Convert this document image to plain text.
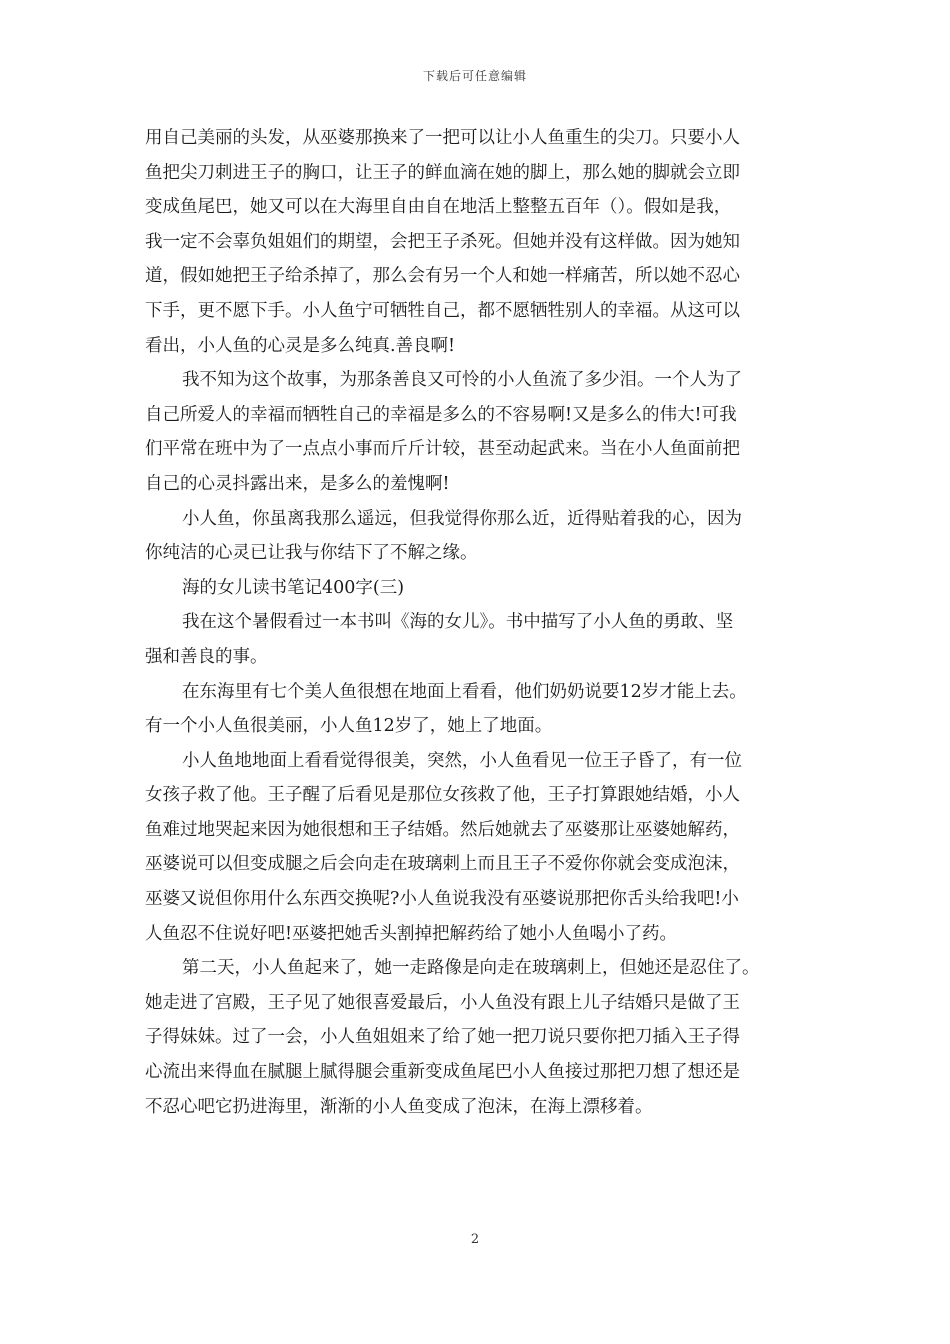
下载后可任意编辑
用自己美丽的头发，从巫婆那换来了一把可以让小人鱼重生的尖刀。只要小人
鱼把尖刀刺进王子的胸口，让王子的鲜血滴在她的脚上，那么她的脚就会立即
变成鱼尾巴，她又可以在大海里自由自在地活上整整五百年（）。假如是我，
我一定不会辜负姐姐们的期望，会把王子杀死。但她并没有这样做。因为她知
道，假如她把王子给杀掉了，那么会有另一个人和她一样痛苦，所以她不忍心
下手，更不愿下手。小人鱼宁可牺牲自己，都不愿牺牲别人的幸福。从这可以
看出，小人鱼的心灵是多么纯真.善良啊!
我不知为这个故事，为那条善良又可怜的小人鱼流了多少泪。一个人为了
自己所爱人的幸福而牺牲自己的幸福是多么的不容易啊!又是多么的伟大!可我
们平常在班中为了一点点小事而斤斤计较，甚至动起武来。当在小人鱼面前把
自己的心灵抖露出来，是多么的羞愧啊!
小人鱼，你虽离我那么遥远，但我觉得你那么近，近得贴着我的心，因为
你纯洁的心灵已让我与你结下了不解之缘。
海的女儿读书笔记400字(三)
我在这个暑假看过一本书叫《海的女儿》。书中描写了小人鱼的勇敢、坚
强和善良的事。
在东海里有七个美人鱼很想在地面上看看，他们奶奶说要12岁才能上去。
有一个小人鱼很美丽，小人鱼12岁了，她上了地面。
小人鱼地地面上看看觉得很美，突然，小人鱼看见一位王子昏了，有一位
女孩子救了他。王子醒了后看见是那位女孩救了他，王子打算跟她结婚，小人
鱼难过地哭起来因为她很想和王子结婚。然后她就去了巫婆那让巫婆她解药，
巫婆说可以但变成腿之后会向走在玻璃刺上而且王子不爱你你就会变成泡沫，
巫婆又说但你用什么东西交换呢?小人鱼说我没有巫婆说那把你舌头给我吧!小
人鱼忍不住说好吧!巫婆把她舌头割掉把解药给了她小人鱼喝小了药。
第二天，小人鱼起来了，她一走路像是向走在玻璃刺上，但她还是忍住了。
她走进了宫殿，王子见了她很喜爱最后，小人鱼没有跟上儿子结婚只是做了王
子得妹妹。过了一会，小人鱼姐姐来了给了她一把刀说只要你把刀插入王子得
心流出来得血在腻腿上腻得腿会重新变成鱼尾巴小人鱼接过那把刀想了想还是
不忍心吧它扔进海里，渐渐的小人鱼变成了泡沫，在海上漂移着。
2
